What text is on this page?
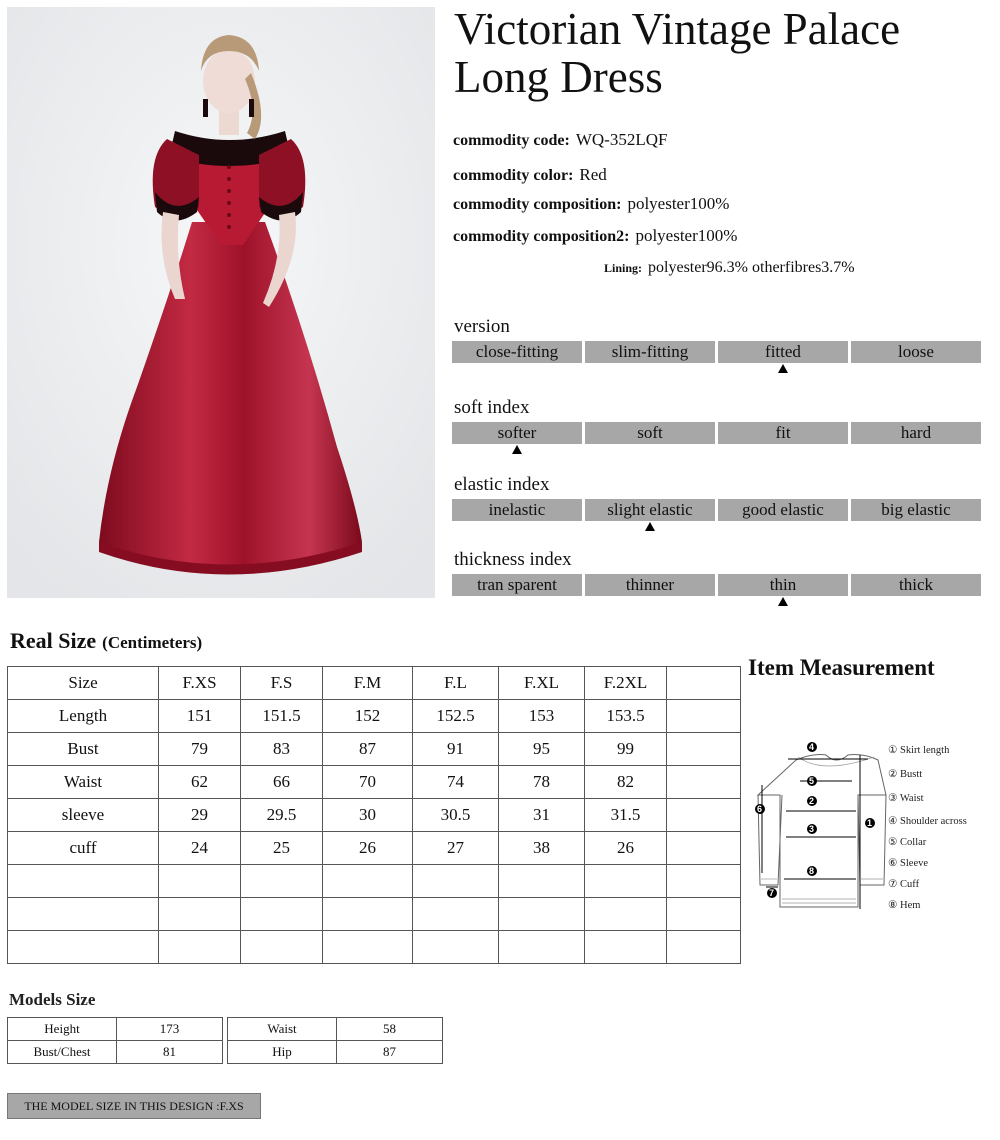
Victorian Vintage Palace Long Dress
commodity code: WQ-352LQF
commodity color: Red
commodity composition: polyester100%
commodity composition2: polyester100%
Lining: polyester96.3% otherfibres3.7%
version
close-fitting	slim-fitting	fitted	loose
soft index
softer	soft	fit	hard
elastic index
inelastic	slight elastic	good elastic	big elastic
thickness index
tran sparent	thinner	thin	thick
Real Size (Centimeters)
Size	F.XS	F.S	F.M	F.L	F.XL	F.2XL	
Length	151	151.5	152	152.5	153	153.5	
Bust	79	83	87	91	95	99	
Waist	62	66	70	74	78	82	
sleeve	29	29.5	30	30.5	31	31.5	
cuff	24	25	26	27	38	26	

Item Measurement
4
5
2
3
8
6
7
1
① Skirt length
② Bustt
③ Waist
④ Shoulder across
⑤ Collar
⑥ Sleeve
⑦ Cuff
⑧ Hem
Models Size
Height	173
Bust/Chest	81
Waist	58
Hip	87
THE MODEL SIZE IN THIS DESIGN :F.XS
